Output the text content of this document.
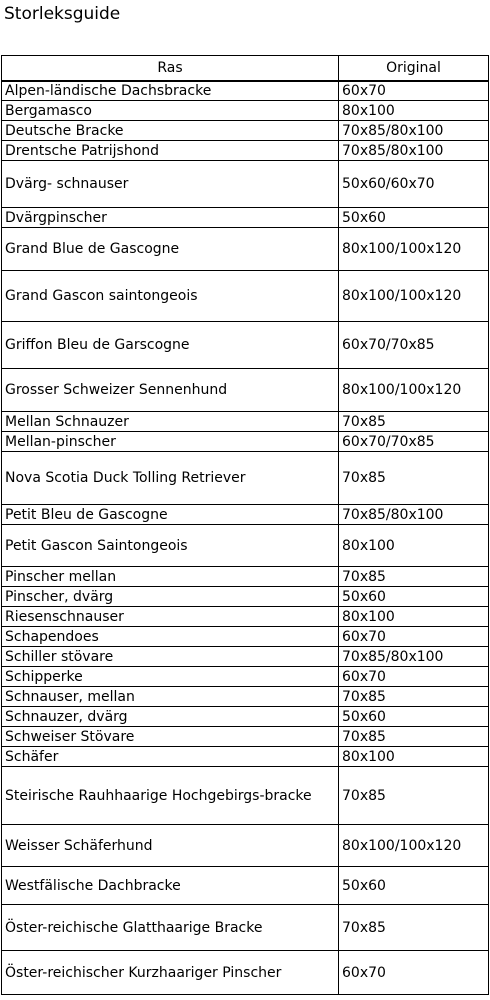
Storleksguide
Ras	Original
Alpen-ländische Dachsbracke	60x70
Bergamasco	80x100
Deutsche Bracke	70x85/80x100
Drentsche Patrijshond	70x85/80x100
Dvärg- schnauser	50x60/60x70
Dvärgpinscher	50x60
Grand Blue de Gascogne	80x100/100x120
Grand Gascon saintongeois	80x100/100x120
Griffon Bleu de Garscogne	60x70/70x85
Grosser Schweizer Sennenhund	80x100/100x120
Mellan Schnauzer	70x85
Mellan-pinscher	60x70/70x85
Nova Scotia Duck Tolling Retriever	70x85
Petit Bleu de Gascogne	70x85/80x100
Petit Gascon Saintongeois	80x100
Pinscher mellan	70x85
Pinscher, dvärg	50x60
Riesenschnauser	80x100
Schapendoes	60x70
Schiller stövare	70x85/80x100
Schipperke	60x70
Schnauser, mellan	70x85
Schnauzer, dvärg	50x60
Schweiser Stövare	70x85
Schäfer	80x100
Steirische Rauhhaarige Hochgebirgs-bracke	70x85
Weisser Schäferhund	80x100/100x120
Westfälische Dachbracke	50x60
Öster-reichische Glatthaarige Bracke	70x85
Öster-reichischer Kurzhaariger Pinscher	60x70
